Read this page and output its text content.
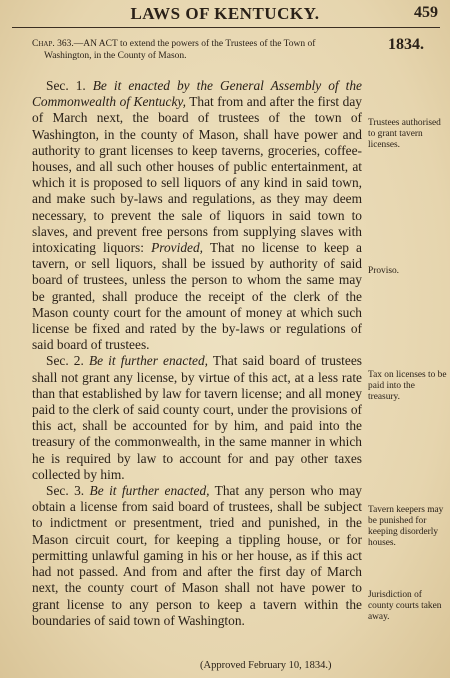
LAWS OF KENTUCKY.	459
Chap. 363.—AN ACT to extend the powers of the Trustees of the Town of Washington, in the County of Mason.
1834.

Sec. 1. Be it enacted by the General Assembly of the Commonwealth of Kentucky, That from and after the first day of March next, the board of trustees of the town of Washington, in the county of Mason, shall have power and authority to grant licenses to keep taverns, groceries, coffee-houses, and all such other houses of public entertainment, at which it is proposed to sell liquors of any kind in said town, and make such by-laws and regulations, as they may deem necessary, to prevent the sale of liquors in said town to slaves, and prevent free persons from supplying slaves with intoxicating liquors: Provided, That no license to keep a tavern, or sell liquors, shall be issued by authority of said board of trustees, unless the person to whom the same may be granted, shall produce the receipt of the clerk of the Mason county court for the amount of money at which such license be fixed and rated by the by-laws or regulations of said board of trustees.

Sec. 2. Be it further enacted, That said board of trustees shall not grant any license, by virtue of this act, at a less rate than that established by law for tavern license; and all money paid to the clerk of said county court, under the provisions of this act, shall be accounted for by him, and paid into the treasury of the commonwealth, in the same manner in which he is required by law to account for and pay other taxes collected by him.

Sec. 3. Be it further enacted, That any person who may obtain a license from said board of trustees, shall be subject to indictment or presentment, tried and punished, in the Mason circuit court, for keeping a tippling house, or for permitting unlawful gaming in his or her house, as if this act had not passed. And from and after the first day of March next, the county court of Mason shall not have power to grant license to any person to keep a tavern within the boundaries of said town of Washington.

(Approved February 10, 1834.)
Trustees authorised to grant tavern licenses.
Proviso.
Tax on licenses to be paid into the treasury.
Tavern keepers may be punished for keeping disorderly houses.
Jurisdiction of county courts taken away.
